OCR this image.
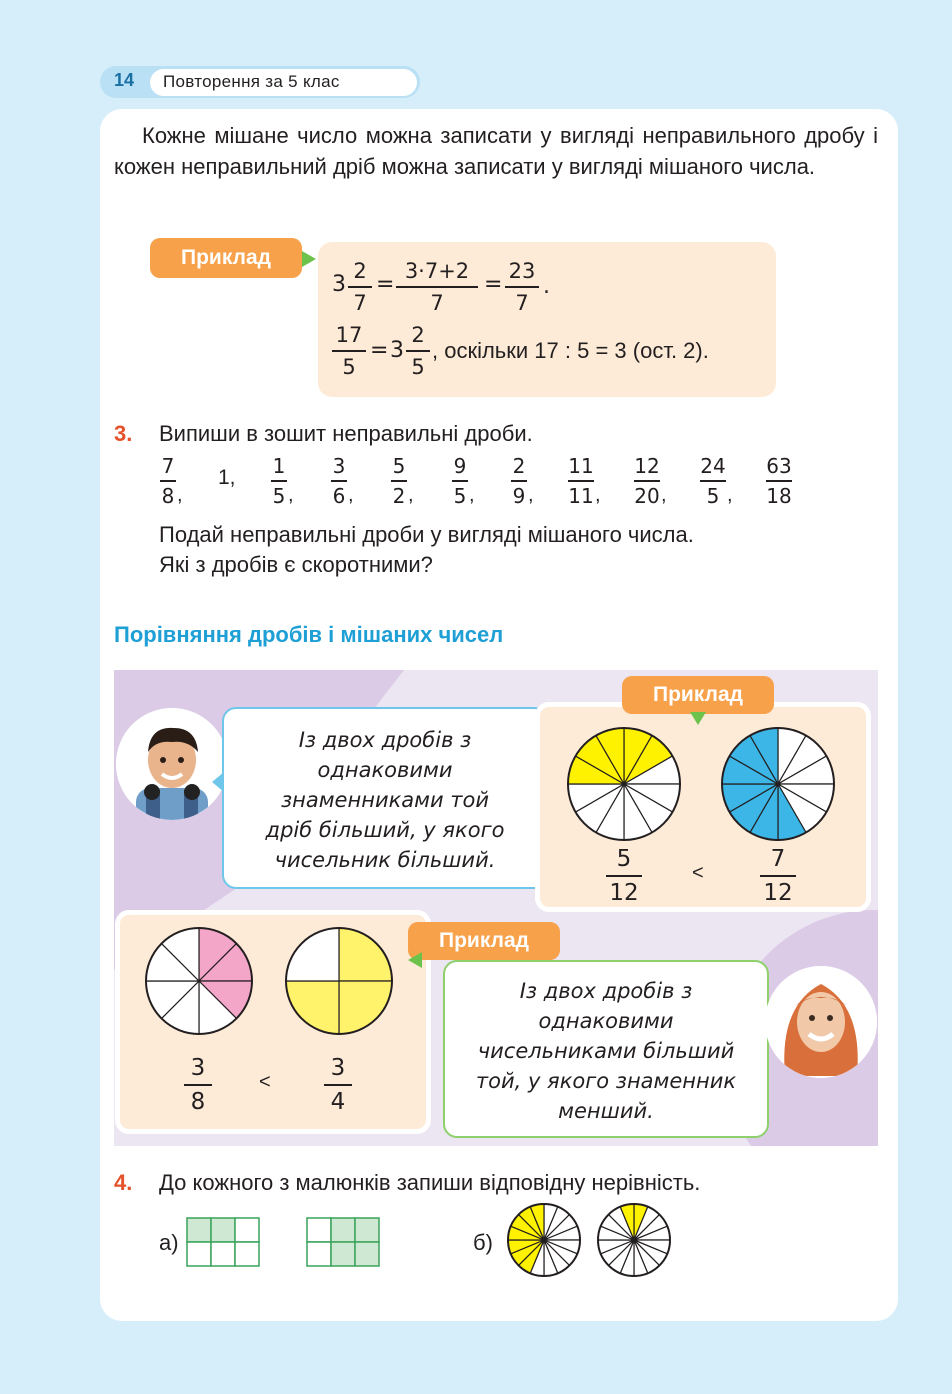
14 Повторення за 5 клас
Кожне мішане число можна записати у вигляді неправильного дробу і кожен неправильний дріб можна записати у вигляді мішаного числа.
Приклад
3
2
7
=
3·7+2
7
=
23
7
.
17
5
= 3
2
5
, оскільки 17 : 5 = 3 (ост. 2).
3. Випиши в зошит неправильні дроби.
7
8 ,
1, 1
5 ,
3
6 ,
5
2 ,
9
5 ,
2
9 ,
11
11 ,
12
20 ,
24
5 ,
63
18
Подай неправильні дроби у вигляді мішаного числа.
Які з дробів є скоротними?
Порівняння дробів і мішаних чисел
Із двох дробів з однаковими знаменниками той дріб більший, у якого чисельник більший.
Приклад
5
12
<
7
12
3
8
<
3
4
Приклад
Із двох дробів з однаковими чисельниками більший той, у якого знаменник менший.
4. До кожного з малюнків запиши відповідну нерівність.
а)	б)
